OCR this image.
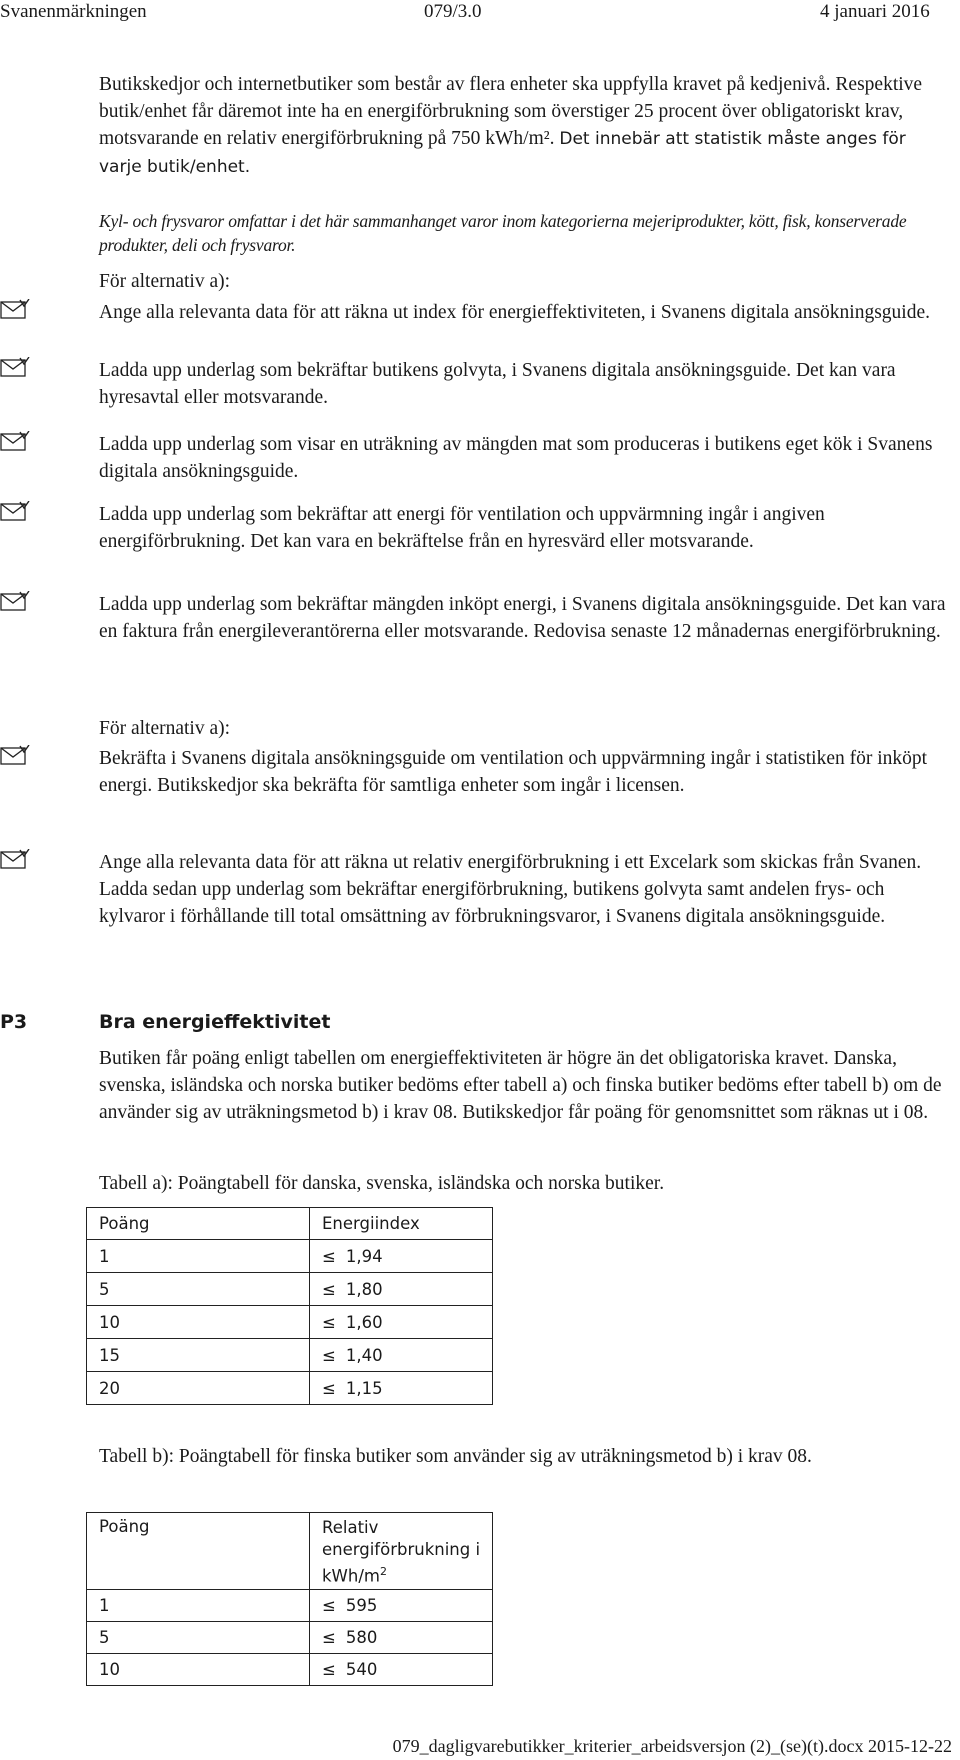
Svanenmärkningen	079/3.0	4 januari 2016
Butikskedjor och internetbutiker som består av flera enheter ska uppfylla kravet på kedjenivå. Respektive butik/enhet får däremot inte ha en energiförbrukning som överstiger 25 procent över obligatoriskt krav, motsvarande en relativ energiförbrukning på 750 kWh/m². Det innebär att statistik måste anges för varje butik/enhet.
Kyl- och frysvaror omfattar i det här sammanhanget varor inom kategorierna mejeriprodukter, kött, fisk, konserverade produkter, deli och frysvaror.
För alternativ a):
Ange alla relevanta data för att räkna ut index för energieffektiviteten, i Svanens digitala ansökningsguide.
Ladda upp underlag som bekräftar butikens golvyta, i Svanens digitala ansökningsguide. Det kan vara hyresavtal eller motsvarande.
Ladda upp underlag som visar en uträkning av mängden mat som produceras i butikens eget kök i Svanens digitala ansökningsguide.
Ladda upp underlag som bekräftar att energi för ventilation och uppvärmning ingår i angiven energiförbrukning. Det kan vara en bekräftelse från en hyresvärd eller motsvarande.
Ladda upp underlag som bekräftar mängden inköpt energi, i Svanens digitala ansökningsguide. Det kan vara en faktura från energileverantörerna eller motsvarande. Redovisa senaste 12 månadernas energiförbrukning.
För alternativ a):
Bekräfta i Svanens digitala ansökningsguide om ventilation och uppvärmning ingår i statistiken för inköpt energi. Butikskedjor ska bekräfta för samtliga enheter som ingår i licensen.
Ange alla relevanta data för att räkna ut relativ energiförbrukning i ett Excelark som skickas från Svanen. Ladda sedan upp underlag som bekräftar energiförbrukning, butikens golvyta samt andelen frys- och kylvaror i förhållande till total omsättning av förbrukningsvaror, i Svanens digitala ansökningsguide.
P3	Bra energieffektivitet
Butiken får poäng enligt tabellen om energieffektiviteten är högre än det obligatoriska kravet. Danska, svenska, isländska och norska butiker bedöms efter tabell a) och finska butiker bedöms efter tabell b) om de använder sig av uträkningsmetod b) i krav 08. Butikskedjor får poäng för genomsnittet som räknas ut i 08.
Tabell a): Poängtabell för danska, svenska, isländska och norska butiker.
Poäng	Energiindex
1	≤ 1,94
5	≤ 1,80
10	≤ 1,60
15	≤ 1,40
20	≤ 1,15
Tabell b): Poängtabell för finska butiker som använder sig av uträkningsmetod b) i krav 08.
Poäng	Relativ energiförbrukning i kWh/$m^2$
1	≤ 595
5	≤ 580
10	≤ 540
079_dagligvarebutikker_kriterier_arbeidsversjon (2)_(se)(t).docx 2015-12-22
